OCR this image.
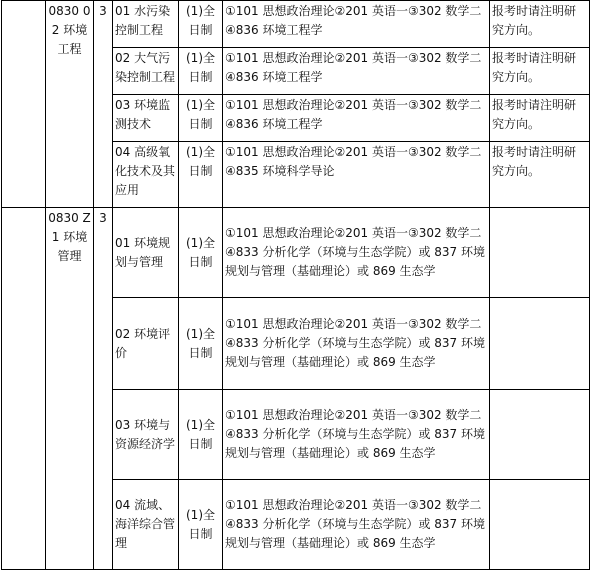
	0830 02 环境工程	3	01 水污染控制工程	(1)全日制	①101 思想政治理论②201 英语一③302 数学二④836 环境工程学	报考时请注明研究方向。
			02 大气污染控制工程	(1)全日制	①101 思想政治理论②201 英语一③302 数学二④836 环境工程学	报考时请注明研究方向。
			03 环境监测技术	(1)全日制	①101 思想政治理论②201 英语一③302 数学二④836 环境工程学	报考时请注明研究方向。
			04 高级氧化技术及其应用	(1)全日制	①101 思想政治理论②201 英语一③302 数学二④835 环境科学导论	报考时请注明研究方向。
	0830 Z1 环境管理	3	01 环境规划与管理	(1)全日制	①101 思想政治理论②201 英语一③302 数学二④833 分析化学（环境与生态学院）或 837 环境规划与管理（基础理论）或 869 生态学	
			02 环境评价	(1)全日制	①101 思想政治理论②201 英语一③302 数学二④833 分析化学（环境与生态学院）或 837 环境规划与管理（基础理论）或 869 生态学	
			03 环境与资源经济学	(1)全日制	①101 思想政治理论②201 英语一③302 数学二④833 分析化学（环境与生态学院）或 837 环境规划与管理（基础理论）或 869 生态学	
			04 流域、海洋综合管理	(1)全日制	①101 思想政治理论②201 英语一③302 数学二④833 分析化学（环境与生态学院）或 837 环境规划与管理（基础理论）或 869 生态学	
